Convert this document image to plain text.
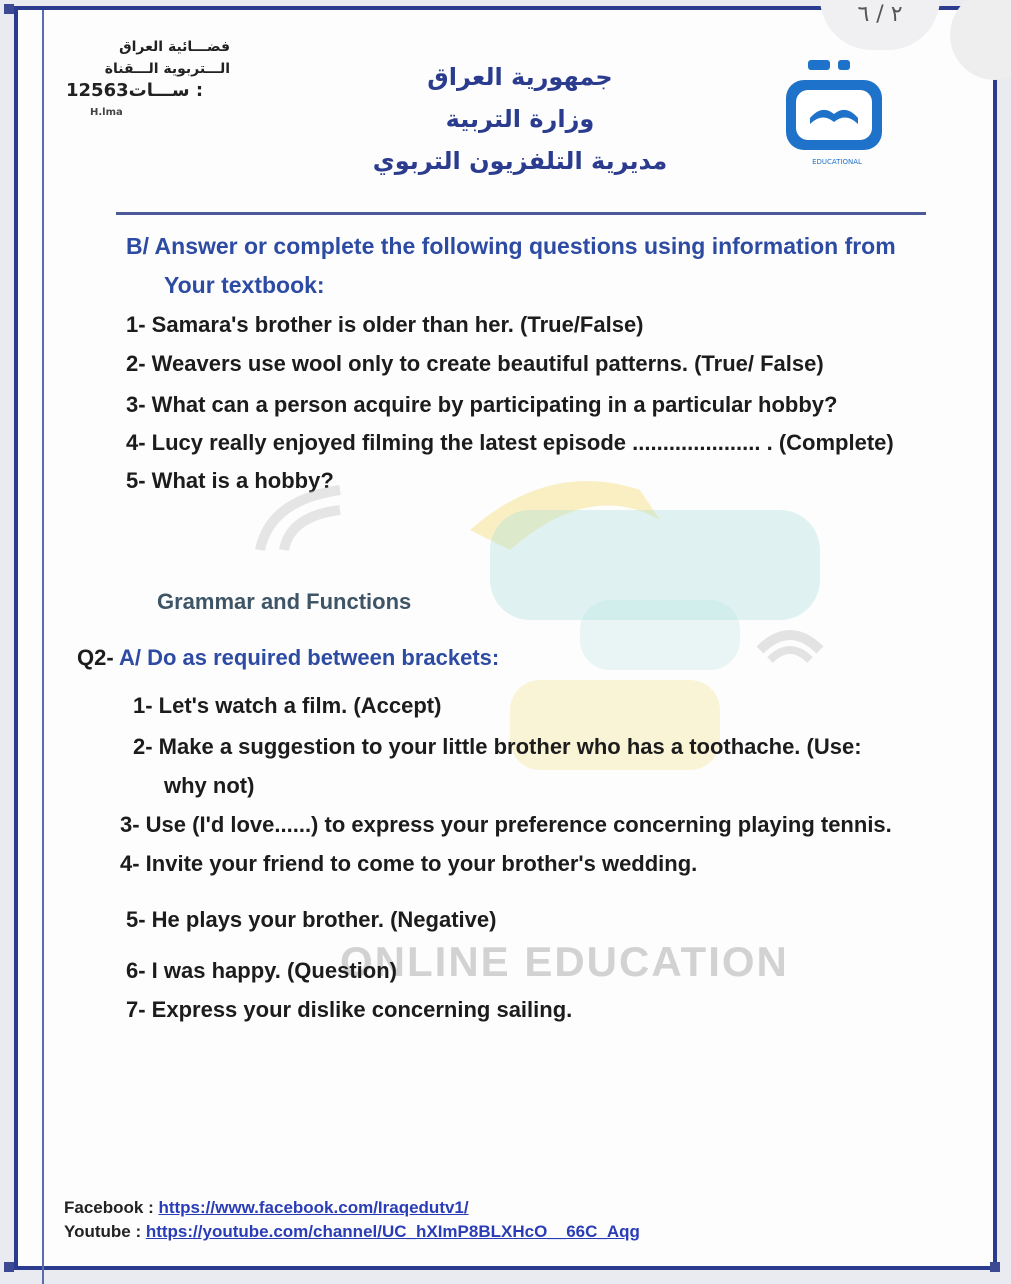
٢ / ٦
فضـــائية العراق
الـــتربوية الـــقناة
12563ســـات :
H.lma
جمهورية العراق
وزارة التربية
مديرية التلفزيون التربوي	EDUCATIONAL
B/ Answer or complete the following questions using information from
Your textbook:
1- Samara's brother is older than her. (True/False)
2- Weavers use wool only to create beautiful patterns. (True/ False)
3- What can a person acquire by participating in a particular hobby?
4- Lucy really enjoyed filming the latest episode ..................... . (Complete)
5- What is a hobby?
Grammar and Functions
Q2- A/ Do as required between brackets:
1- Let's watch a film. (Accept)
2- Make a suggestion to your little brother who has a toothache. (Use:
why not)
3- Use (I'd love......) to express your preference concerning playing tennis.
4- Invite your friend to come to your brother's wedding.
5- He plays your brother. (Negative)
ONLINE EDUCATION
6- I was happy. (Question)
7- Express your dislike concerning sailing.
Facebook : https://www.facebook.com/Iraqedutv1/
Youtube : https://youtube.com/channel/UC_hXImP8BLXHcO__66C_Aqg
